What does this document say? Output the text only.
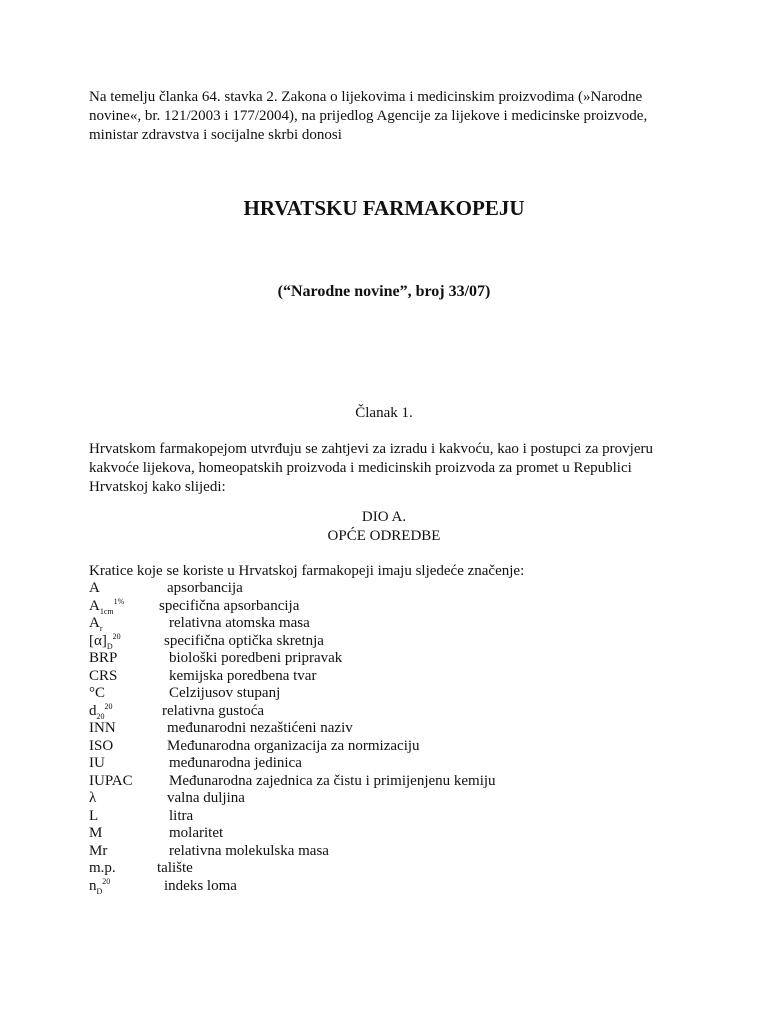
Na temelju članka 64. stavka 2. Zakona o lijekovima i medicinskim proizvodima (»Narodne novine«, br. 121/2003 i 177/2004), na prijedlog Agencije za lijekove i medicinske proizvode, ministar zdravstva i socijalne skrbi donosi

HRVATSKU FARMAKOPEJU

(“Narodne novine”, broj 33/07)

Članak 1.

Hrvatskom farmakopejom utvrđuju se zahtjevi za izradu i kakvoću, kao i postupci za provjeru kakvoće lijekova, homeopatskih proizvoda i medicinskih proizvoda za promet u Republici Hrvatskoj kako slijedi:

DIO A.

OPĆE ODREDBE

Kratice koje se koriste u Hrvatskoj farmakopeji imaju sljedeće značenje:

A	apsorbancija
$A_{1cm}^{1\%}$ specifična apsorbancija
$A_r$	relativna atomska masa
$[\alpha]_D^{20}$	specifična optička skretnja
BRP	biološki poredbeni pripravak
CRS	kemijska poredbena tvar
°C	Celzijusov stupanj
$d_{20}^{20}$	relativna gustoća
INN	međunarodni nezaštićeni naziv
ISO	Međunarodna organizacija za normizaciju
IU	međunarodna jedinica
IUPAC Međunarodna zajednica za čistu i primijenjenu kemiju
λ	valna duljina
L	litra
M	molaritet
Mr	relativna molekulska masa
m.p.	talište
$n_D^{20}$	indeks loma
